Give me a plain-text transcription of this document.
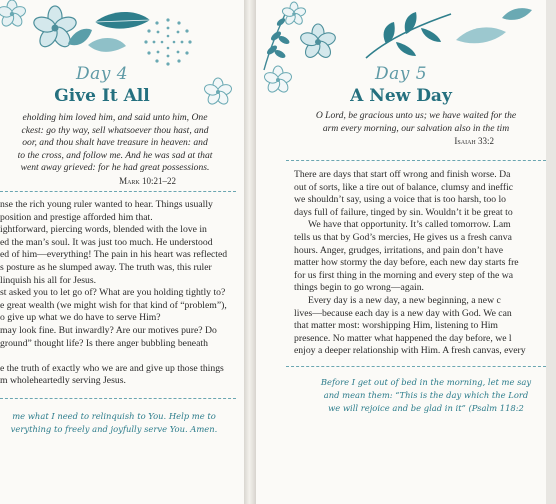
Day 4
Give It All
eholding him loved him, and said unto him, One
ckest: go thy way, sell whatsoever thou hast, and
oor, and thou shalt have treasure in heaven: and
to the cross, and follow me. And he was sad at that
went away grieved: for he had great possessions.
Mark 10:21–22
nse the rich young ruler wanted to hear. Things usually
position and prestige afforded him that.
ightforward, piercing words, blended with the love in
ed the man’s soul. It was just too much. He understood
ed of him—everything! The pain in his heart was reflected
s posture as he slumped away. The truth was, this ruler
linquish his all for Jesus.
st asked you to let go of? What are you holding tightly to?
e great wealth (we might wish for that kind of “problem”),
o give up what we do have to serve Him?
may look fine. But inwardly? Are our motives pure? Do
ground” thought life? Is there anger bubbling beneath

e the truth of exactly who we are and give up those things
m wholeheartedly serving Jesus.
me what I need to relinquish to You. Help me to
verything to freely and joyfully serve You. Amen.
Day 5
A New Day
O Lord, be gracious unto us; we have waited for the
arm every morning, our salvation also in the tim
Isaiah 33:2
There are days that start off wrong and finish worse. Da
out of sorts, like a tire out of balance, clumsy and ineffic
we shouldn’t say, using a voice that is too harsh, too lo
days full of failure, tinged by sin. Wouldn’t it be great to
We have that opportunity. It’s called tomorrow. Lam
tells us that by God’s mercies, He gives us a fresh canva
hours. Anger, grudges, irritations, and pain don’t have
matter how stormy the day before, each new day starts fre
for us first thing in the morning and every step of the wa
things begin to go wrong—again.
Every day is a new day, a new beginning, a new c
lives—because each day is a new day with God. We can
that matter most: worshipping Him, listening to Him
presence. No matter what happened the day before, we l
enjoy a deeper relationship with Him. A fresh canvas, every
Before I get out of bed in the morning, let me say
and mean them: “This is the day which the Lord
we will rejoice and be glad in it” (Psalm 118:2
